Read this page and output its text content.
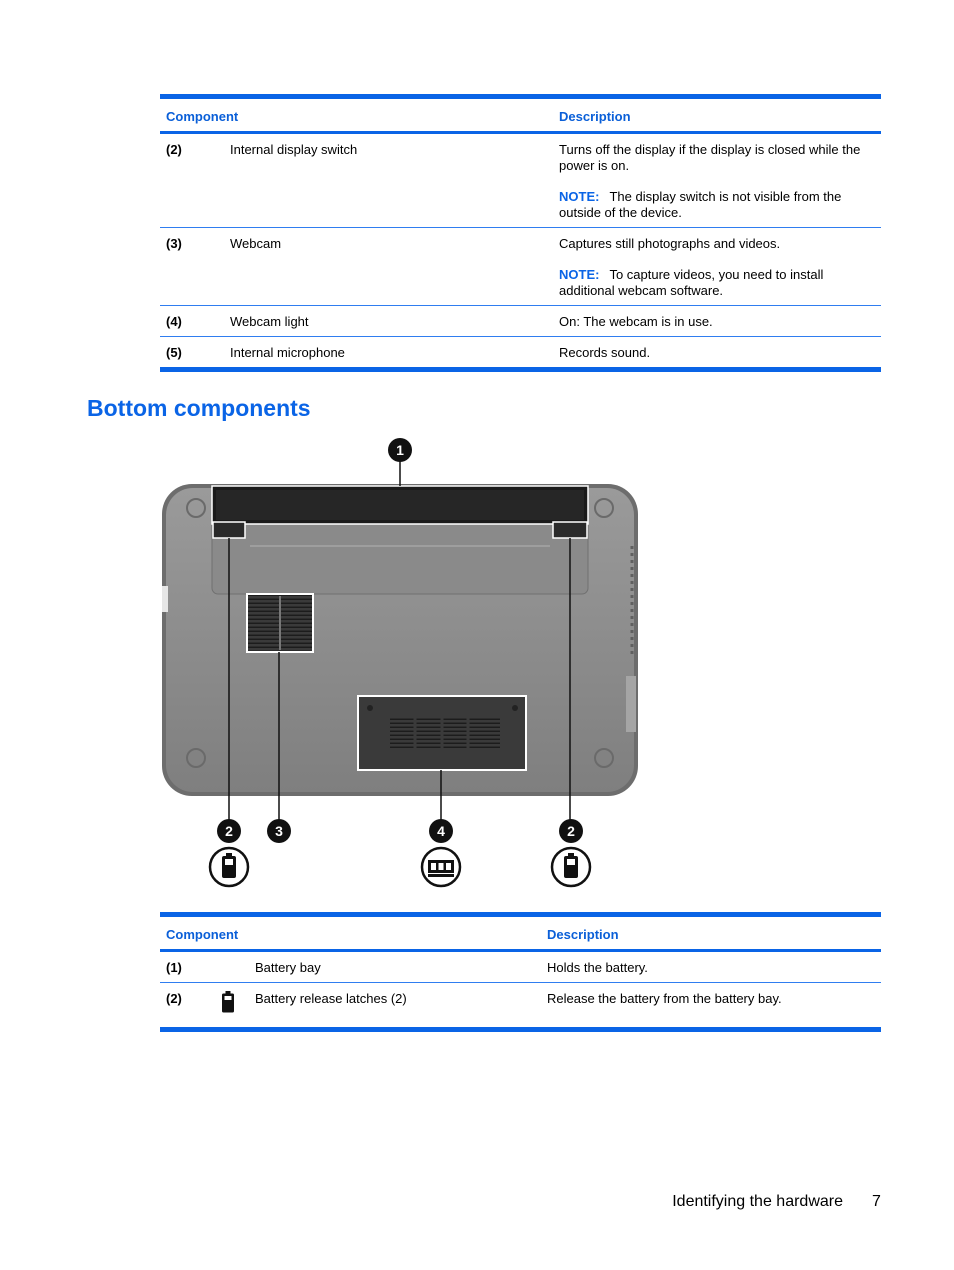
Component		Description
(2)	Internal display switch	Turns off the display if the display is closed while the power is on.

NOTE: The display switch is not visible from the outside of the device.

(3)	Webcam	Captures still photographs and videos.

NOTE: To capture videos, you need to install additional webcam software.

(4)	Webcam light	On: The webcam is in use.
(5)	Internal microphone	Records sound.
Bottom components
1
2	3	4	2
Component			Description
(1)		Battery bay	Holds the battery.
(2)		Battery release latches (2)	Release the battery from the battery bay.
Identifying the hardware 7
